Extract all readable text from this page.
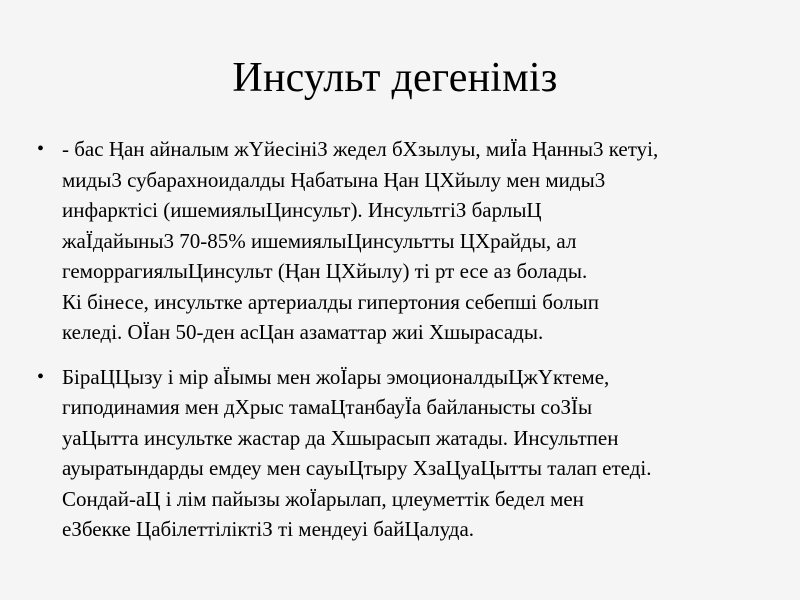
Инсульт дегеніміз
• - бас Ңан айналым жҮйесініЗ жедел бХзылуы, миЇа Ңанны3 кетуі,
миды3 субарахноидалды Ңабатына Ңан ЦХйылу мен миды3
инфарктісі (ишемиялыЦинсульт). ИнсультгіЗ барлыЦ
жаЇдайыны3 70-85% ишемиялыЦинсультты ЦХрайды, ал
геморрагиялыЦинсульт (Ңан ЦХйылу) ті рт есе аз болады.
Кі бінесе, инсультке артериалды гипертония себепші болып
келеді. ОЇан 50-ден асЦан азаматтар жиі Хшырасады.
• БіраЦЦызу і мір аЇымы мен жоЇары эмоционалдыЦжҮктеме,
гиподинамия мен дХрыс тамаЦтанбауЇа байланысты соЗЇы
уаЦытта инсультке жастар да Хшырасып жатады. Инсультпен
ауыратындарды емдеу мен сауыЦтыру ХзаЦуаЦытты талап етеді.
Сондай-аЦ і лім пайызы жоЇарылап, цлеуметтік бедел мен
еЗбекке ЦабілеттіліктіЗ ті мендеуі байЦалуда.
